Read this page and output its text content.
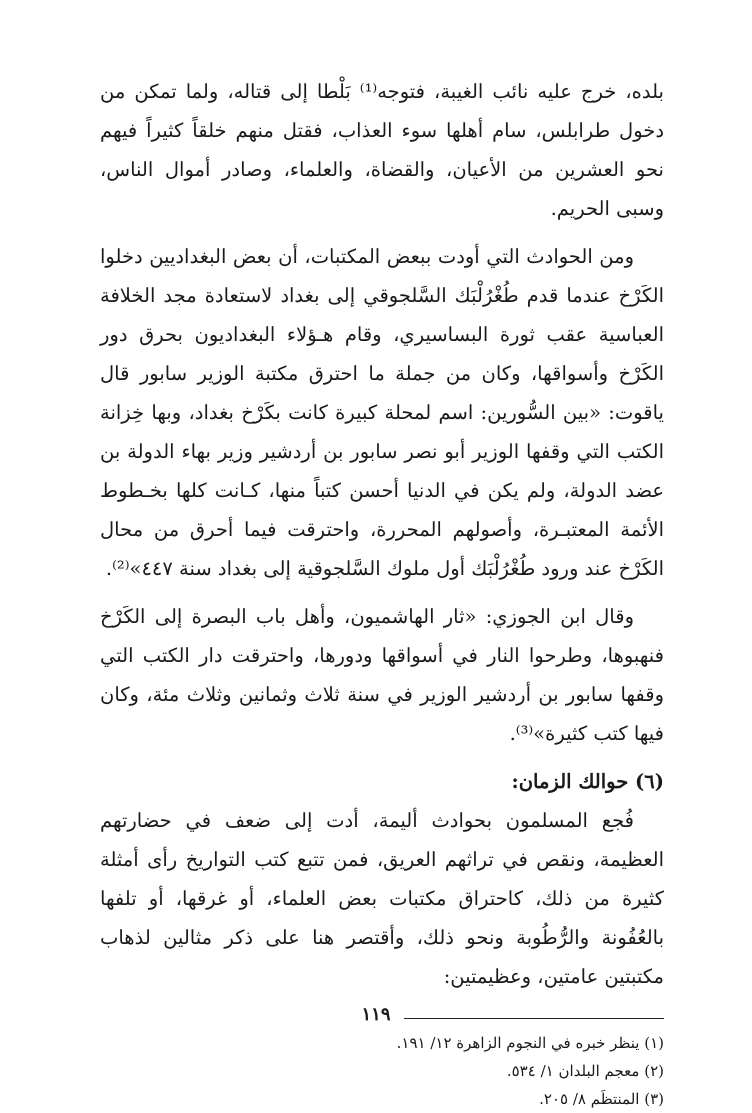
بلده، خرج عليه نائب الغيبة، فتوجه⁽¹⁾ بَلْطا إلى قتاله، ولما تمكن من دخول طرابلس، سام أهلها سوء العذاب، فقتل منهم خلقاً كثيراً فيهم نحو العشرين من الأعيان، والقضاة، والعلماء، وصادر أموال الناس، وسبى الحريم.

ومن الحوادث التي أودت ببعض المكتبات، أن بعض البغداديين دخلوا الكَرْخ عندما قدم طُغْرُلْبَك السَّلجوقي إلى بغداد لاستعادة مجد الخلافة العباسية عقب ثورة البساسيري، وقام هـؤلاء البغداديون بحرق دور الكَرْخ وأسواقها، وكان من جملة ما احترق مكتبة الوزير سابور قال ياقوت: «بين السُّورين: اسم لمحلة كبيرة كانت بكَرْخ بغداد، وبها خِزانة الكتب التي وقفها الوزير أبو نصر سابور بن أردشير وزير بهاء الدولة بن عضد الدولة، ولم يكن في الدنيا أحسن كتباً منها، كـانت كلها بخـطوط الأئمة المعتبـرة، وأصولهم المحررة، واحترقت فيما أحرق من محال الكَرْخ عند ورود طُغْرُلْبَك أول ملوك السَّلجوقية إلى بغداد سنة ٤٤٧»⁽²⁾.

وقال ابن الجوزي: «ثار الهاشميون، وأهل باب البصرة إلى الكَرْخ فنهبوها، وطرحوا النار في أسواقها ودورها، واحترقت دار الكتب التي وقفها سابور بن أردشير الوزير في سنة ثلاث وثمانين وثلاث مئة، وكان فيها كتب كثيرة»⁽³⁾.

(٦) حوالك الزمان:

فُجع المسلمون بحوادث أليمة، أدت إلى ضعف في حضارتهم العظيمة، ونقص في تراثهم العريق، فمن تتبع كتب التواريخ رأى أمثلة كثيرة من ذلك، كاحتراق مكتبات بعض العلماء، أو غرقها، أو تلفها بالعُفُونة والرُّطُوبة ونحو ذلك، وأقتصر هنا على ذكر مثالين لذهاب مكتبتين عامتين، وعظيمتين:

(١) ينظر خبره في النجوم الزاهرة ١٢/ ١٩١.

(٢) معجم البلدان ١/ ٥٣٤.

(٣) المنتظَم ٨/ ٢٠٥.

١١٩
